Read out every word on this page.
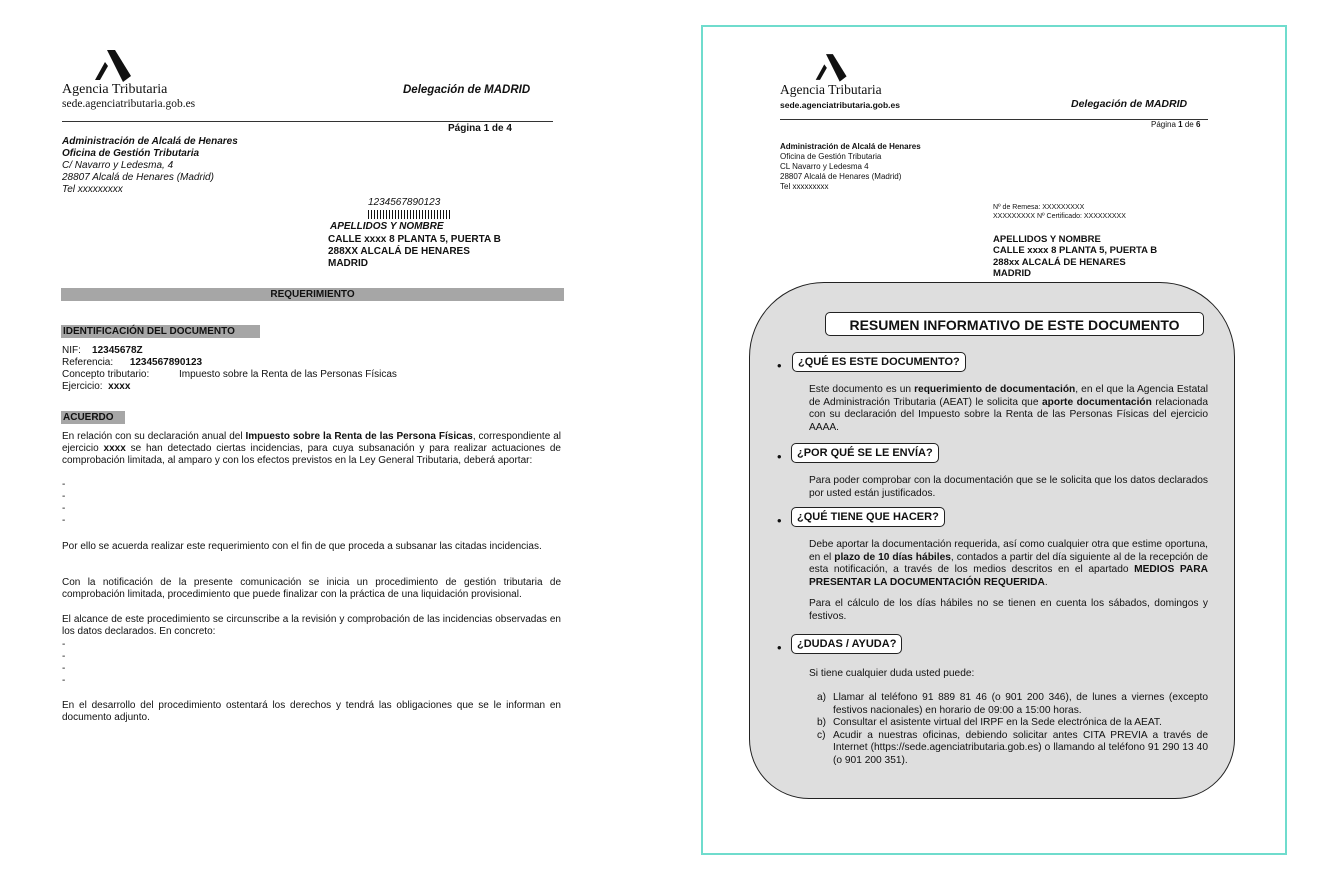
Agencia Tributaria
sede.agenciatributaria.gob.es
Delegación de MADRID
Página 1 de 4
Administración de Alcalá de Henares
Oficina de Gestión Tributaria
C/ Navarro y Ledesma, 4
28807 Alcalá de Henares (Madrid)
Tel xxxxxxxxx
1234567890123
APELLIDOS Y NOMBRE
CALLE xxxx 8 PLANTA 5, PUERTA B
288XX ALCALÁ DE HENARES
MADRID
REQUERIMIENTO
IDENTIFICACIÓN DEL DOCUMENTO
NIF: 12345678Z
Referencia: 1234567890123
Concepto tributario:	Impuesto sobre la Renta de las Personas Físicas
Ejercicio: xxxx
ACUERDO
En relación con su declaración anual del Impuesto sobre la Renta de las Persona Físicas, correspondiente al ejercicio xxxx se han detectado ciertas incidencias, para cuya subsanación y para realizar actuaciones de comprobación limitada, al amparo y con los efectos previstos en la Ley General Tributaria, deberá aportar:
-
-
-
-
Por ello se acuerda realizar este requerimiento con el fin de que proceda a subsanar las citadas incidencias.
Con la notificación de la presente comunicación se inicia un procedimiento de gestión tributaria de comprobación limitada, procedimiento que puede finalizar con la práctica de una liquidación provisional.
El alcance de este procedimiento se circunscribe a la revisión y comprobación de las incidencias observadas en los datos declarados. En concreto:
-
-
-
-
En el desarrollo del procedimiento ostentará los derechos y tendrá las obligaciones que se le informan en documento adjunto.
Agencia Tributaria
sede.agenciatributaria.gob.es	Delegación de MADRID
Página 1 de 6
Administración de Alcalá de Henares
Oficina de Gestión Tributaria
CL Navarro y Ledesma 4
28807 Alcalá de Henares (Madrid)
Tel xxxxxxxxx
Nº de Remesa: XXXXXXXXX
XXXXXXXXX Nº Certificado: XXXXXXXXX
APELLIDOS Y NOMBRE
CALLE xxxx 8 PLANTA 5, PUERTA B
288xx ALCALÁ DE HENARES
MADRID
RESUMEN INFORMATIVO DE ESTE DOCUMENTO
•	¿QUÉ ES ESTE DOCUMENTO?
Este documento es un requerimiento de documentación, en el que la Agencia Estatal de Administración Tributaria (AEAT) le solicita que aporte documentación relacionada con su declaración del Impuesto sobre la Renta de las Personas Físicas del ejercicio AAAA.
•	¿POR QUÉ SE LE ENVÍA?
Para poder comprobar con la documentación que se le solicita que los datos declarados por usted están justificados.
•	¿QUÉ TIENE QUE HACER?

Debe aportar la documentación requerida, así como cualquier otra que estime oportuna, en el plazo de 10 días hábiles, contados a partir del día siguiente al de la recepción de esta notificación, a través de los medios descritos en el apartado MEDIOS PARA PRESENTAR LA DOCUMENTACIÓN REQUERIDA.

Para el cálculo de los días hábiles no se tienen en cuenta los sábados, domingos y festivos.

•	¿DUDAS / AYUDA?
Si tiene cualquier duda usted puede:
a) Llamar al teléfono 91 889 81 46 (o 901 200 346), de lunes a viernes (excepto festivos nacionales) en horario de 09:00 a 15:00 horas.
b) Consultar el asistente virtual del IRPF en la Sede electrónica de la AEAT.
c) Acudir a nuestras oficinas, debiendo solicitar antes CITA PREVIA a través de Internet (https://sede.agenciatributaria.gob.es) o llamando al teléfono 91 290 13 40 (o 901 200 351).
